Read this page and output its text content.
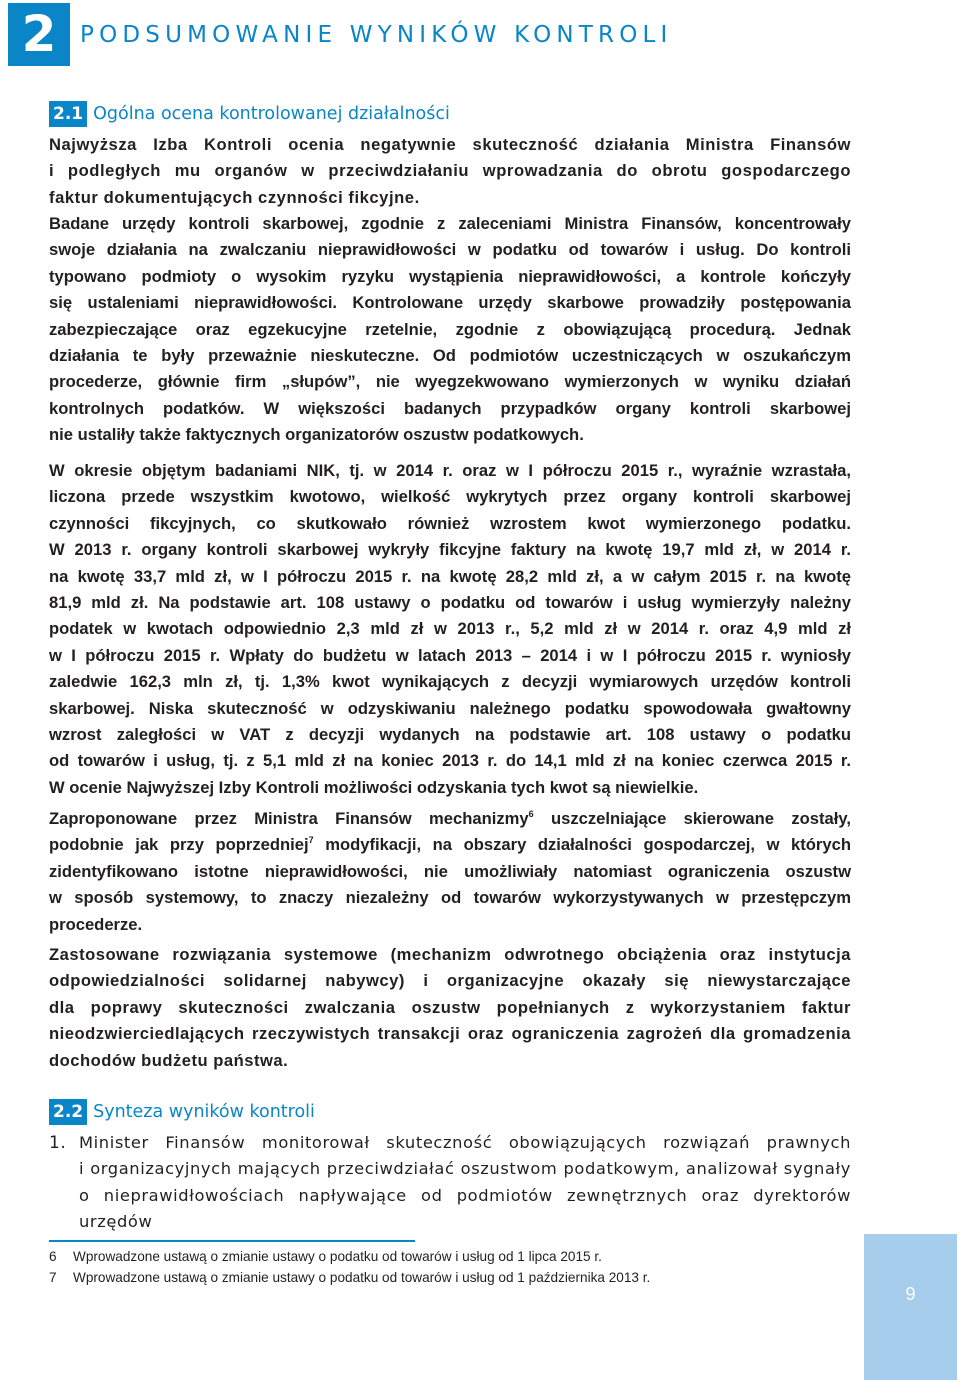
2	PODSUMOWANIE WYNIKÓW KONTROLI
2.1 Ogólna ocena kontrolowanej działalności

Najwyższa Izba Kontroli ocenia negatywnie skuteczność działania Ministra Finansów
i podległych mu organów w przeciwdziałaniu wprowadzania do obrotu gospodarczego
faktur dokumentujących czynności fikcyjne.

Badane urzędy kontroli skarbowej, zgodnie z zaleceniami Ministra Finansów, koncentrowały
swoje działania na zwalczaniu nieprawidłowości w podatku od towarów i usług. Do kontroli
typowano podmioty o wysokim ryzyku wystąpienia nieprawidłowości, a kontrole kończyły
się ustaleniami nieprawidłowości. Kontrolowane urzędy skarbowe prowadziły postępowania
zabezpieczające oraz egzekucyjne rzetelnie, zgodnie z obowiązującą procedurą. Jednak
działania te były przeważnie nieskuteczne. Od podmiotów uczestniczących w oszukańczym
procederze, głównie firm „słupów”, nie wyegzekwowano wymierzonych w wyniku działań
kontrolnych podatków. W większości badanych przypadków organy kontroli skarbowej
nie ustaliły także faktycznych organizatorów oszustw podatkowych.

W okresie objętym badaniami NIK, tj. w 2014 r. oraz w I półroczu 2015 r., wyraźnie wzrastała,
liczona przede wszystkim kwotowo, wielkość wykrytych przez organy kontroli skarbowej
czynności fikcyjnych, co skutkowało również wzrostem kwot wymierzonego podatku.
W 2013 r. organy kontroli skarbowej wykryły fikcyjne faktury na kwotę 19,7 mld zł, w 2014 r.
na kwotę 33,7 mld zł, w I półroczu 2015 r. na kwotę 28,2 mld zł, a w całym 2015 r. na kwotę
81,9 mld zł. Na podstawie art. 108 ustawy o podatku od towarów i usług wymierzyły należny
podatek w kwotach odpowiednio 2,3 mld zł w 2013 r., 5,2 mld zł w 2014 r. oraz 4,9 mld zł
w I półroczu 2015 r. Wpłaty do budżetu w latach 2013 – 2014 i w I półroczu 2015 r. wyniosły
zaledwie 162,3 mln zł, tj. 1,3% kwot wynikających z decyzji wymiarowych urzędów kontroli
skarbowej. Niska skuteczność w odzyskiwaniu należnego podatku spowodowała gwałtowny
wzrost zaległości w VAT z decyzji wydanych na podstawie art. 108 ustawy o podatku
od towarów i usług, tj. z 5,1 mld zł na koniec 2013 r. do 14,1 mld zł na koniec czerwca 2015 r.
W ocenie Najwyższej Izby Kontroli możliwości odzyskania tych kwot są niewielkie.

Zaproponowane przez Ministra Finansów mechanizmy$^6$ uszczelniające skierowane zostały,
podobnie jak przy poprzedniej$^7$ modyfikacji, na obszary działalności gospodarczej, w których
zidentyfikowano istotne nieprawidłowości, nie umożliwiały natomiast ograniczenia oszustw
w sposób systemowy, to znaczy niezależny od towarów wykorzystywanych w przestępczym
procederze.

Zastosowane rozwiązania systemowe (mechanizm odwrotnego obciążenia oraz instytucja
odpowiedzialności solidarnej nabywcy) i organizacyjne okazały się niewystarczające
dla poprawy skuteczności zwalczania oszustw popełnianych z wykorzystaniem faktur
nieodzwierciedlających rzeczywistych transakcji oraz ograniczenia zagrożeń dla gromadzenia
dochodów budżetu państwa.

2.2 Synteza wyników kontroli
1. Minister Finansów monitorował skuteczność obowiązujących rozwiązań prawnych
i organizacyjnych mających przeciwdziałać oszustwom podatkowym, analizował sygnały
o nieprawidłowościach napływające od podmiotów zewnętrznych oraz dyrektorów urzędów
6 Wprowadzone ustawą o zmianie ustawy o podatku od towarów i usług od 1 lipca 2015 r.
7 Wprowadzone ustawą o zmianie ustawy o podatku od towarów i usług od 1 października 2013 r.
9
